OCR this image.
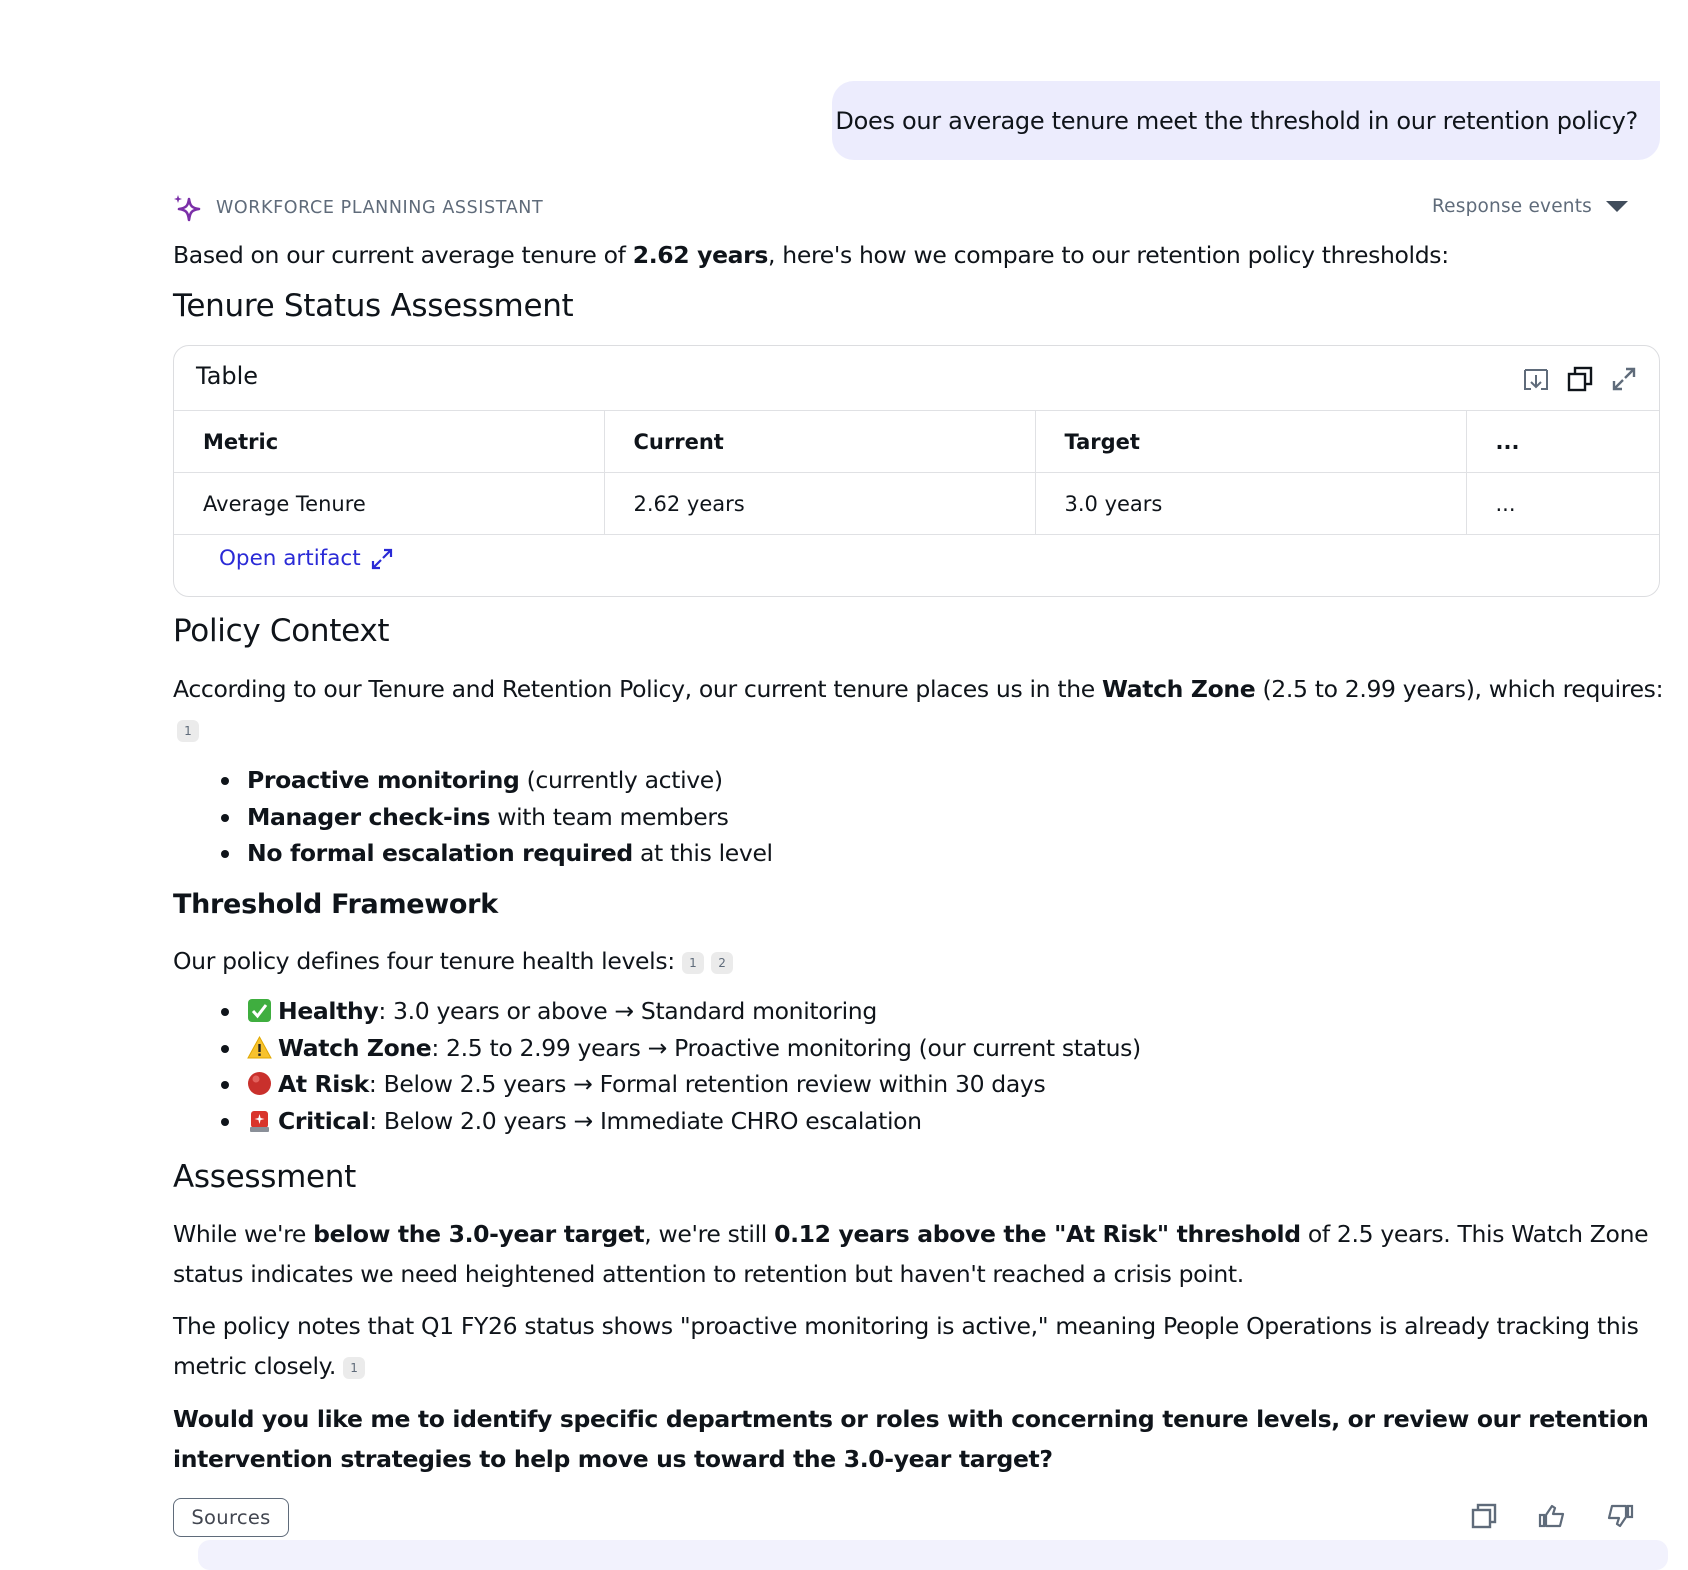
Does our average tenure meet the threshold in our retention policy?
WORKFORCE PLANNING ASSISTANT	Response events
Based on our current average tenure of 2.62 years, here's how we compare to our retention policy thresholds:
Tenure Status Assessment
Table
Metric	Current	Target	...
Average Tenure	2.62 years	3.0 years	...
Open artifact
Policy Context
According to our Tenure and Retention Policy, our current tenure places us in the Watch Zone (2.5 to 2.99 years), which requires:
1
Proactive monitoring (currently active)
Manager check-ins with team members
No formal escalation required at this level
Threshold Framework
Our policy defines four tenure health levels: 1 2
Healthy: 3.0 years or above → Standard monitoring
Watch Zone: 2.5 to 2.99 years → Proactive monitoring (our current status)
At Risk: Below 2.5 years → Formal retention review within 30 days
Critical: Below 2.0 years → Immediate CHRO escalation
Assessment
While we're below the 3.0-year target, we're still 0.12 years above the "At Risk" threshold of 2.5 years. This Watch Zone status indicates we need heightened attention to retention but haven't reached a crisis point.
The policy notes that Q1 FY26 status shows "proactive monitoring is active," meaning People Operations is already tracking this metric closely. 1
Would you like me to identify specific departments or roles with concerning tenure levels, or review our retention intervention strategies to help move us toward the 3.0-year target?
Sources
